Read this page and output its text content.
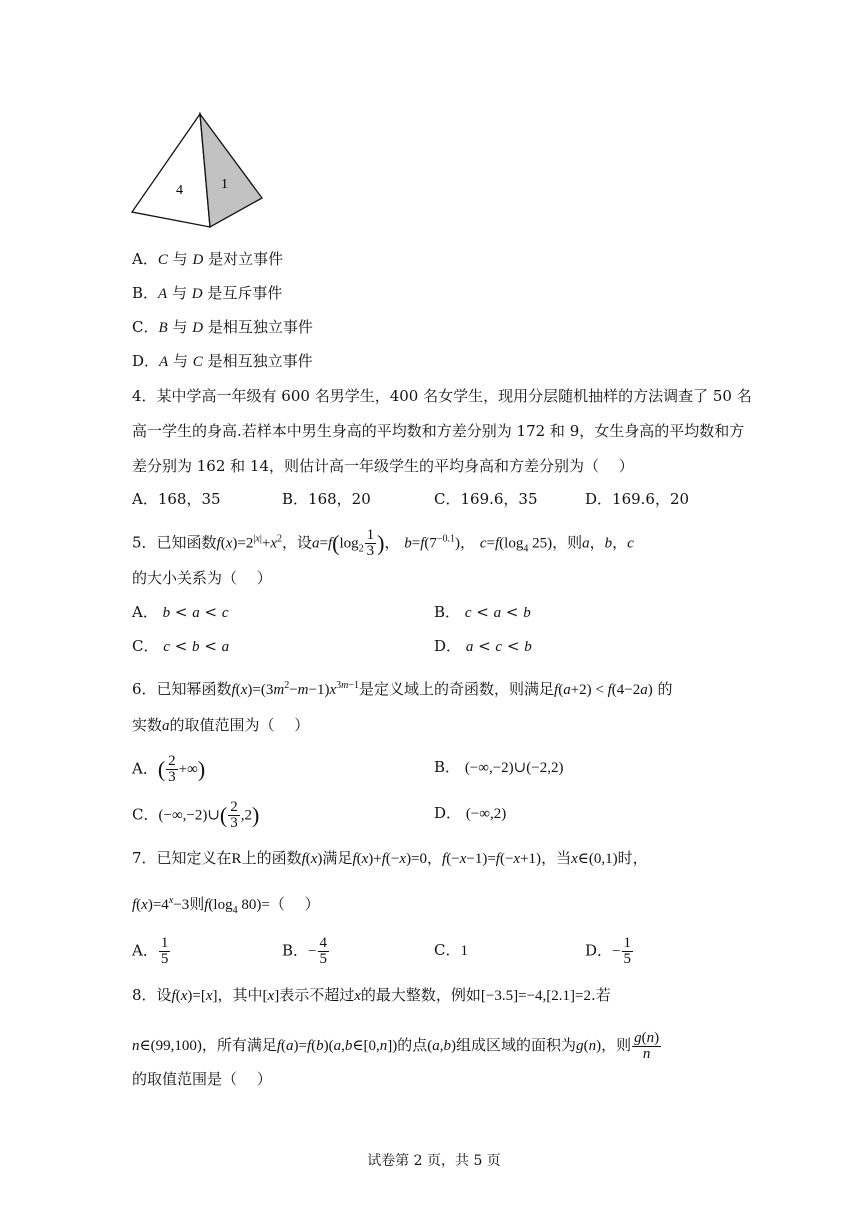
4	1
A．C 与 D 是对立事件
B．A 与 D 是互斥事件
C．B 与 D 是相互独立事件
D．A 与 C 是相互独立事件
4．某中学高一年级有 600 名男学生，400 名女学生，现用分层随机抽样的方法调查了 50 名
高一学生的身高.若样本中男生身高的平均数和方差分别为 172 和 9，女生身高的平均数和方
差分别为 162 和 14，则估计高一年级学生的平均身高和方差分别为（　 ）
A．168，35	B．168，20	C．169.6，35	D．169.6，20
5．已知函数$f(x)=2^{|x|}+x^2$，设$a=f(\log_2 \frac{1}{3}$ )， $b=f(7^{-0.1})$， $c=f(\log_4$ 25)，则a，b，c
的大小关系为（　 ）
A． b < a < c	B． c < a < b
C． c < b < a	D． a < c < b
6．已知幂函数$f(x)=(3m^2-m-1)x^{3m-1}$是定义域上的奇函数，则满足f(a+2) < f(4−2a) 的
实数a的取值范围为（　 ）
A．( $\frac{2}{3}$ +∞)	B． (−∞,−2)∪(−2,2)
C．(−∞,−2)∪( $\frac{2}{3} ,2$)	D． (−∞,2)
7．已知定义在R上的函数f(x)满足f(x)+f(−x)=0，f(−x−1)=f(−x+1)，当x∈(0,1)时，
$f(x)=4^x-3$则$f(\log_4$ 80)=（　 ）
A． $\frac{1}{5}$	B．− $\frac{4}{5}$	C．1	D．− $\frac{1}{5}$
8．设f(x)=[x]，其中[x]表示不超过x的最大整数，例如[−3.5]=−4,[2.1]=2.若
n∈(99,100)，所有满足f(a)=f(b)(a,b∈[0,n])的点(a,b)组成区域的面积为g(n)，则 $\frac{g(n)}{n}$
的取值范围是（　 ）
试卷第 2 页，共 5 页
